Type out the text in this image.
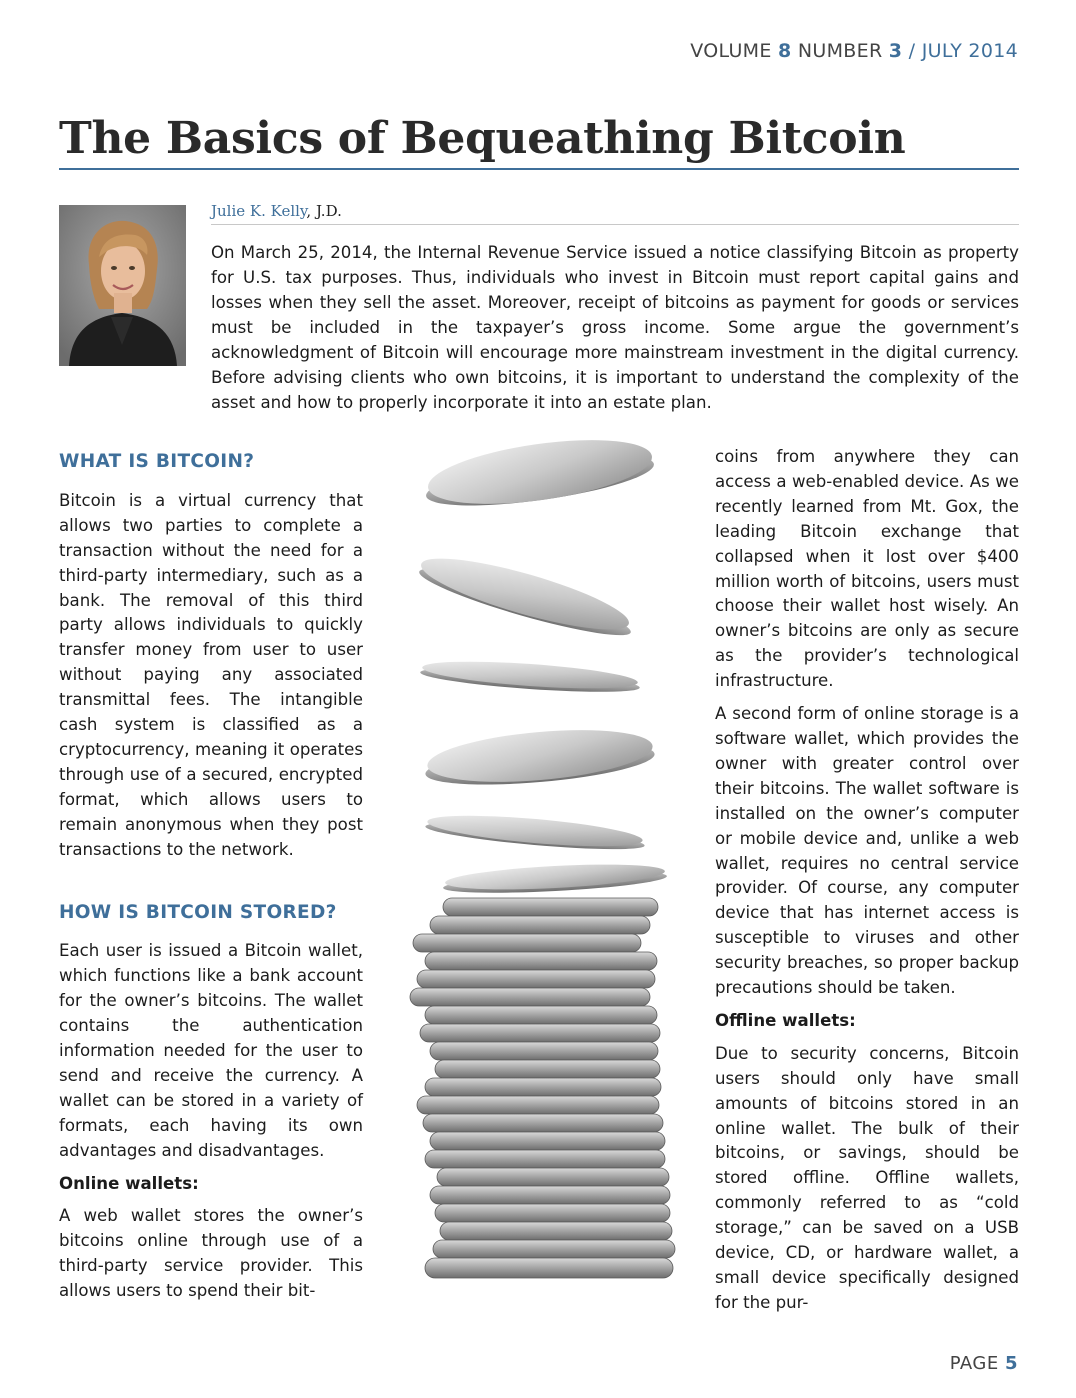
VOLUME 8 NUMBER 3 / JULY 2014
The Basics of Bequeathing Bitcoin
Julie K. Kelly, J.D.

On March 25, 2014, the Internal Revenue Service issued a notice classifying Bitcoin as property for U.S. tax purposes. Thus, individuals who invest in Bitcoin must report capital gains and losses when they sell the asset. Moreover, receipt of bitcoins as payment for goods or services must be included in the taxpayer’s gross income. Some argue the government’s acknowledgment of Bitcoin will encourage more mainstream investment in the digital currency. Before advising clients who own bitcoins, it is important to understand the complexity of the asset and how to properly incorporate it into an estate plan.

WHAT IS BITCOIN?

Bitcoin is a virtual currency that allows two parties to complete a transaction without the need for a third-party intermediary, such as a bank. The removal of this third party allows individuals to quickly transfer money from user to user without paying any associated transmittal fees. The intangible cash system is classified as a cryptocurrency, meaning it operates through use of a secured, encrypted format, which allows users to remain anonymous when they post transactions to the network.

HOW IS BITCOIN STORED?

Each user is issued a Bitcoin wallet, which functions like a bank account for the owner’s bitcoins. The wallet contains the authentication information needed for the user to send and receive the currency. A wallet can be stored in a variety of formats, each having its own advantages and disadvantages.

Online wallets:

A web wallet stores the owner’s bitcoins online through use of a third-party service provider. This allows users to spend their bit-

coins from anywhere they can access a web-enabled device. As we recently learned from Mt. Gox, the leading Bitcoin exchange that collapsed when it lost over $400 million worth of bitcoins, users must choose their wallet host wisely. An owner’s bitcoins are only as secure as the provider’s technological infrastructure.

A second form of online storage is a software wallet, which provides the owner with greater control over their bitcoins. The wallet software is installed on the owner’s computer or mobile device and, unlike a web wallet, requires no central service provider. Of course, any computer device that has internet access is susceptible to viruses and other security breaches, so proper backup precautions should be taken.

Offline wallets:

Due to security concerns, Bitcoin users should only have small amounts of bitcoins stored in an online wallet. The bulk of their bitcoins, or savings, should be stored offline. Offline wallets, commonly referred to as “cold storage,” can be saved on a USB device, CD, or hardware wallet, a small device specifically designed for the pur-

PAGE 5
